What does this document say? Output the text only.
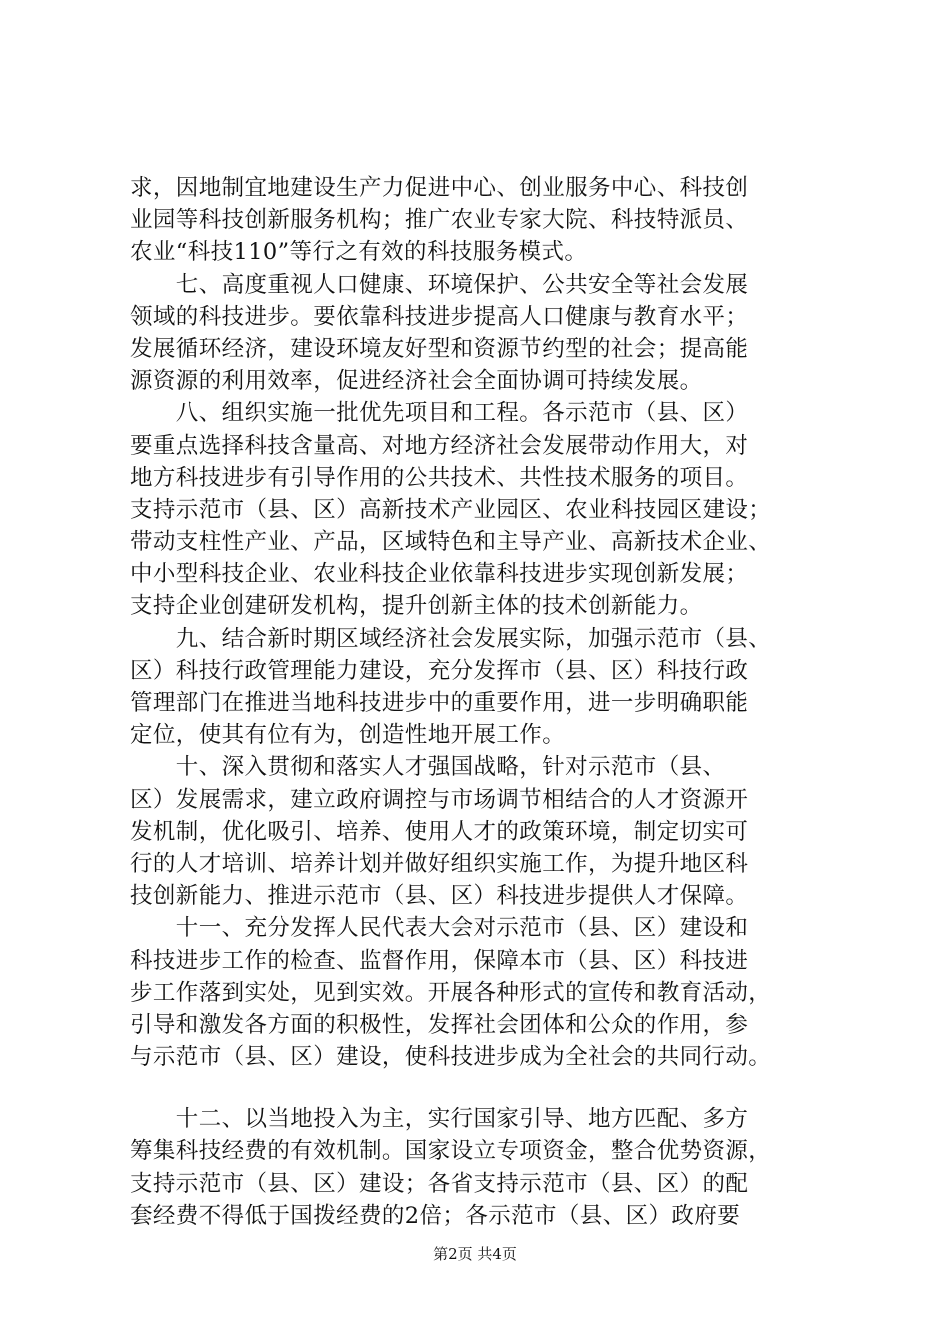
求，因地制宜地建设生产力促进中心、创业服务中心、科技创
业园等科技创新服务机构；推广农业专家大院、科技特派员、
农业“科技110”等行之有效的科技服务模式。
　　七、高度重视人口健康、环境保护、公共安全等社会发展
领域的科技进步。要依靠科技进步提高人口健康与教育水平；
发展循环经济，建设环境友好型和资源节约型的社会；提高能
源资源的利用效率，促进经济社会全面协调可持续发展。
　　八、组织实施一批优先项目和工程。各示范市（县、区）
要重点选择科技含量高、对地方经济社会发展带动作用大，对
地方科技进步有引导作用的公共技术、共性技术服务的项目。
支持示范市（县、区）高新技术产业园区、农业科技园区建设；
带动支柱性产业、产品，区域特色和主导产业、高新技术企业、
中小型科技企业、农业科技企业依靠科技进步实现创新发展；
支持企业创建研发机构，提升创新主体的技术创新能力。
　　九、结合新时期区域经济社会发展实际，加强示范市（县、
区）科技行政管理能力建设，充分发挥市（县、区）科技行政
管理部门在推进当地科技进步中的重要作用，进一步明确职能
定位，使其有位有为，创造性地开展工作。
　　十、深入贯彻和落实人才强国战略，针对示范市（县、
区）发展需求，建立政府调控与市场调节相结合的人才资源开
发机制，优化吸引、培养、使用人才的政策环境，制定切实可
行的人才培训、培养计划并做好组织实施工作，为提升地区科
技创新能力、推进示范市（县、区）科技进步提供人才保障。
　　十一、充分发挥人民代表大会对示范市（县、区）建设和
科技进步工作的检查、监督作用，保障本市（县、区）科技进
步工作落到实处，见到实效。开展各种形式的宣传和教育活动，
引导和激发各方面的积极性，发挥社会团体和公众的作用，参
与示范市（县、区）建设，使科技进步成为全社会的共同行动。
　　十二、以当地投入为主，实行国家引导、地方匹配、多方
筹集科技经费的有效机制。国家设立专项资金，整合优势资源，
支持示范市（县、区）建设；各省支持示范市（县、区）的配
套经费不得低于国拨经费的2倍；各示范市（县、区）政府要
第2页 共4页
